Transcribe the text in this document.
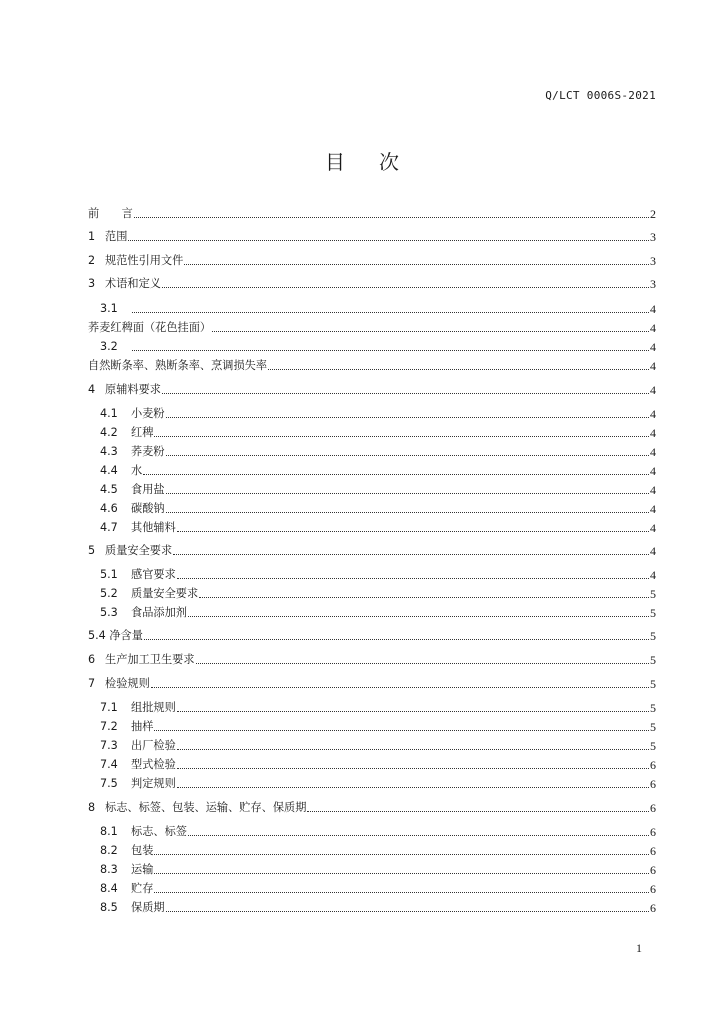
Q/LCT 0006S-2021
目次
前　　言	2
1 范围	3
2 规范性引用文件	3
3 术语和定义	3
3.1	4
荞麦红稗面（花色挂面）	4
3.2	4
自然断条率、熟断条率、烹调损失率	4
4 原辅料要求	4
4.1	小麦粉	4
4.2	红稗	4
4.3	荞麦粉	4
4.4	水	4
4.5	食用盐	4
4.6	碳酸钠	4
4.7	其他辅料	4
5 质量安全要求	4
5.1	感官要求	4
5.2	质量安全要求	5
5.3	食品添加剂	5
5.4 净含量	5
6 生产加工卫生要求	5
7 检验规则	5
7.1	组批规则	5
7.2	抽样	5
7.3	出厂检验	5
7.4	型式检验	6
7.5	判定规则	6
8 标志、标签、包装、运输、贮存、保质期	6
8.1	标志、标签	6
8.2	包装	6
8.3	运输	6
8.4	贮存	6
8.5	保质期	6
1
